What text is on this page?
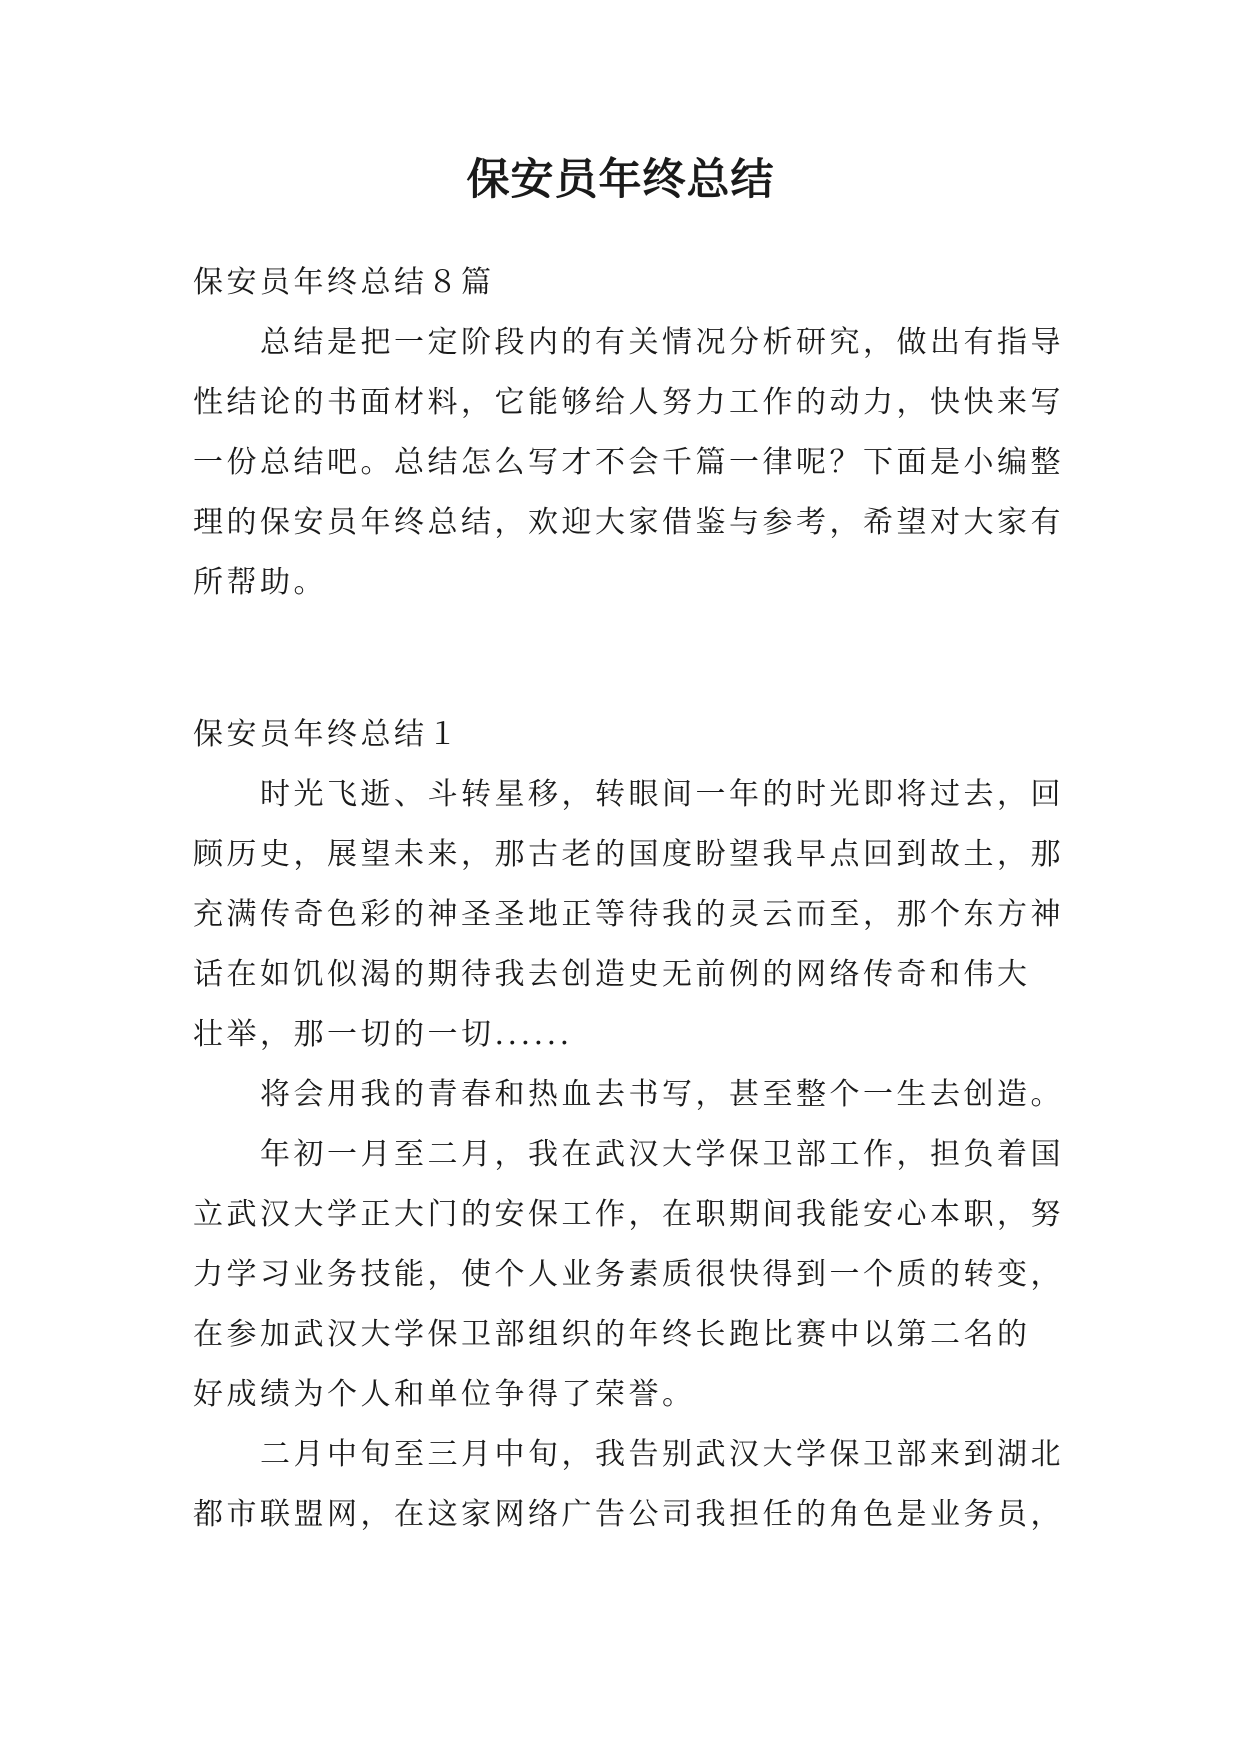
保安员年终总结

保安员年终总结８篇

总结是把一定阶段内的有关情况分析研究，做出有指导
性结论的书面材料，它能够给人努力工作的动力，快快来写
一份总结吧。总结怎么写才不会千篇一律呢？下面是小编整
理的保安员年终总结，欢迎大家借鉴与参考，希望对大家有
所帮助。

保安员年终总结１

时光飞逝、斗转星移，转眼间一年的时光即将过去，回
顾历史，展望未来，那古老的国度盼望我早点回到故土，那
充满传奇色彩的神圣圣地正等待我的灵云而至，那个东方神
话在如饥似渴的期待我去创造史无前例的网络传奇和伟大
壮举，那一切的一切......

将会用我的青春和热血去书写，甚至整个一生去创造。

年初一月至二月，我在武汉大学保卫部工作，担负着国
立武汉大学正大门的安保工作，在职期间我能安心本职，努
力学习业务技能，使个人业务素质很快得到一个质的转变，
在参加武汉大学保卫部组织的年终长跑比赛中以第二名的
好成绩为个人和单位争得了荣誉。

二月中旬至三月中旬，我告别武汉大学保卫部来到湖北
都市联盟网，在这家网络广告公司我担任的角色是业务员，
